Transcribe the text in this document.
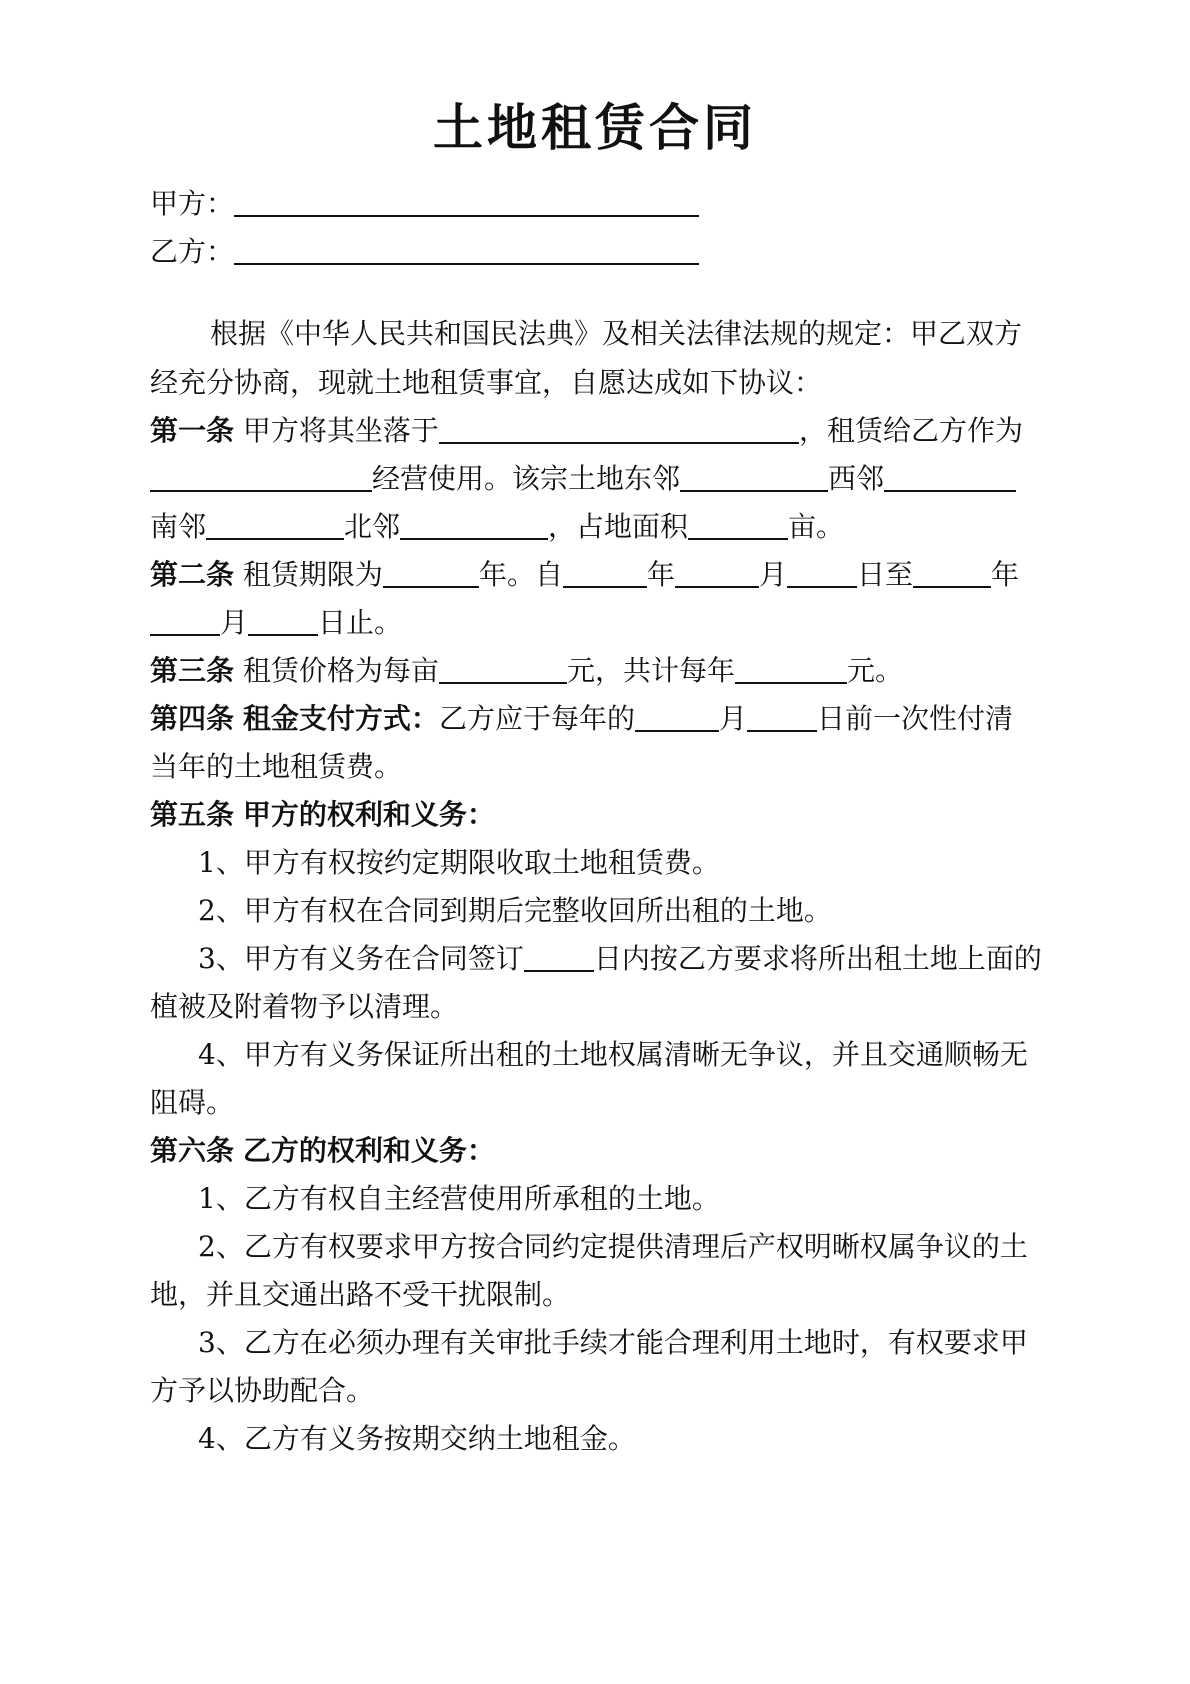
土地租赁合同
甲方：
乙方：
根据《中华人民共和国民法典》及相关法律法规的规定：甲乙双方
经充分协商，现就土地租赁事宜，自愿达成如下协议：
第一条 甲方将其坐落于	，租赁给乙方作为
经营使用。该宗土地东邻	西邻
南邻	北邻	，占地面积	亩。
第二条 租赁期限为	年。自	年	月	日至	年
月	日止。
第三条 租赁价格为每亩	元，共计每年	元。
第四条 租金支付方式：乙方应于每年的	月	日前一次性付清
当年的土地租赁费。
第五条 甲方的权利和义务：
1、甲方有权按约定期限收取土地租赁费。
2、甲方有权在合同到期后完整收回所出租的土地。
3、甲方有义务在合同签订	日内按乙方要求将所出租土地上面的
植被及附着物予以清理。
4、甲方有义务保证所出租的土地权属清晰无争议，并且交通顺畅无
阻碍。
第六条 乙方的权利和义务：
1、乙方有权自主经营使用所承租的土地。
2、乙方有权要求甲方按合同约定提供清理后产权明晰权属争议的土
地，并且交通出路不受干扰限制。
3、乙方在必须办理有关审批手续才能合理利用土地时，有权要求甲
方予以协助配合。
4、乙方有义务按期交纳土地租金。
